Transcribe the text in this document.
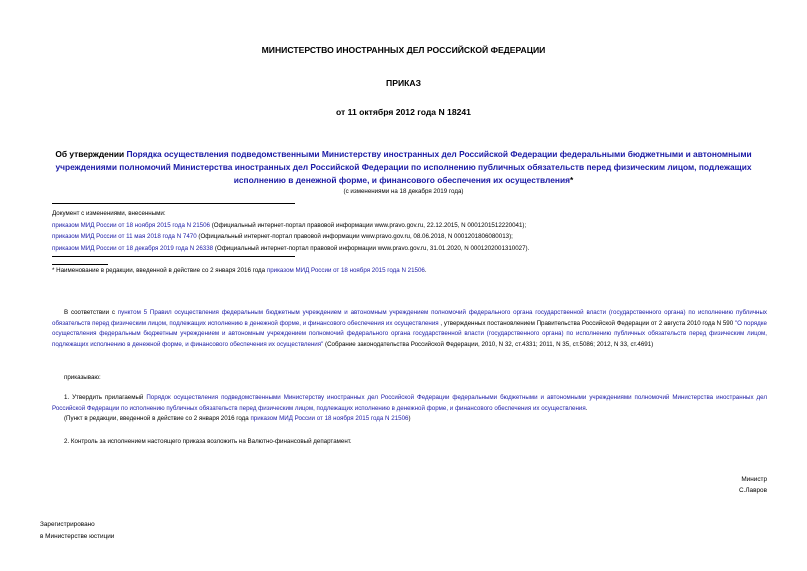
МИНИСТЕРСТВО ИНОСТРАННЫХ ДЕЛ РОССИЙСКОЙ ФЕДЕРАЦИИ
ПРИКАЗ
от 11 октября 2012 года N 18241
Об утверждении Порядка осуществления подведомственными Министерству иностранных дел Российской Федерации федеральными бюджетными и автономными учреждениями полномочий Министерства иностранных дел Российской Федерации по исполнению публичных обязательств перед физическим лицом, подлежащих исполнению в денежной форме, и финансового обеспечения их осуществления*
(с изменениями на 18 декабря 2019 года)
Документ с изменениями, внесенными:
приказом МИД России от 18 ноября 2015 года N 21506 (Официальный интернет-портал правовой информации www.pravo.gov.ru, 22.12.2015, N 0001201512220041);
приказом МИД России от 11 мая 2018 года N 7470 (Официальный интернет-портал правовой информации www.pravo.gov.ru, 08.06.2018, N 0001201806080013);
приказом МИД России от 18 декабря 2019 года N 26338 (Официальный интернет-портал правовой информации www.pravo.gov.ru, 31.01.2020, N 0001202001310027).
* Наименование в редакции, введенной в действие со 2 января 2016 года приказом МИД России от 18 ноября 2015 года N 21506.
В соответствии с пунктом 5 Правил осуществления федеральным бюджетным учреждением и автономным учреждением полномочий федерального органа государственной власти (государственного органа) по исполнению публичных обязательств перед физическим лицом, подлежащих исполнению в денежной форме, и финансового обеспечения их осуществления , утвержденных постановлением Правительства Российской Федерации от 2 августа 2010 года N 590 "О порядке осуществления федеральным бюджетным учреждением и автономным учреждением полномочий федерального органа государственной власти (государственного органа) по исполнению публичных обязательств перед физическим лицом, подлежащих исполнению в денежной форме, и финансового обеспечения их осуществления" (Собрание законодательства Российской Федерации, 2010, N 32, ст.4331; 2011, N 35, ст.5086; 2012, N 33, ст.4691)
приказываю:
1. Утвердить прилагаемый Порядок осуществления подведомственными Министерству иностранных дел Российской Федерации федеральными бюджетными и автономными учреждениями полномочий Министерства иностранных дел Российской Федерации по исполнению публичных обязательств перед физическим лицом, подлежащих исполнению в денежной форме, и финансового обеспечения их осуществления.
(Пункт в редакции, введенной в действие со 2 января 2016 года приказом МИД России от 18 ноября 2015 года N 21506)
2. Контроль за исполнением настоящего приказа возложить на Валютно-финансовый департамент.
Министр
С.Лавров
Зарегистрировано
в Министерстве юстиции
